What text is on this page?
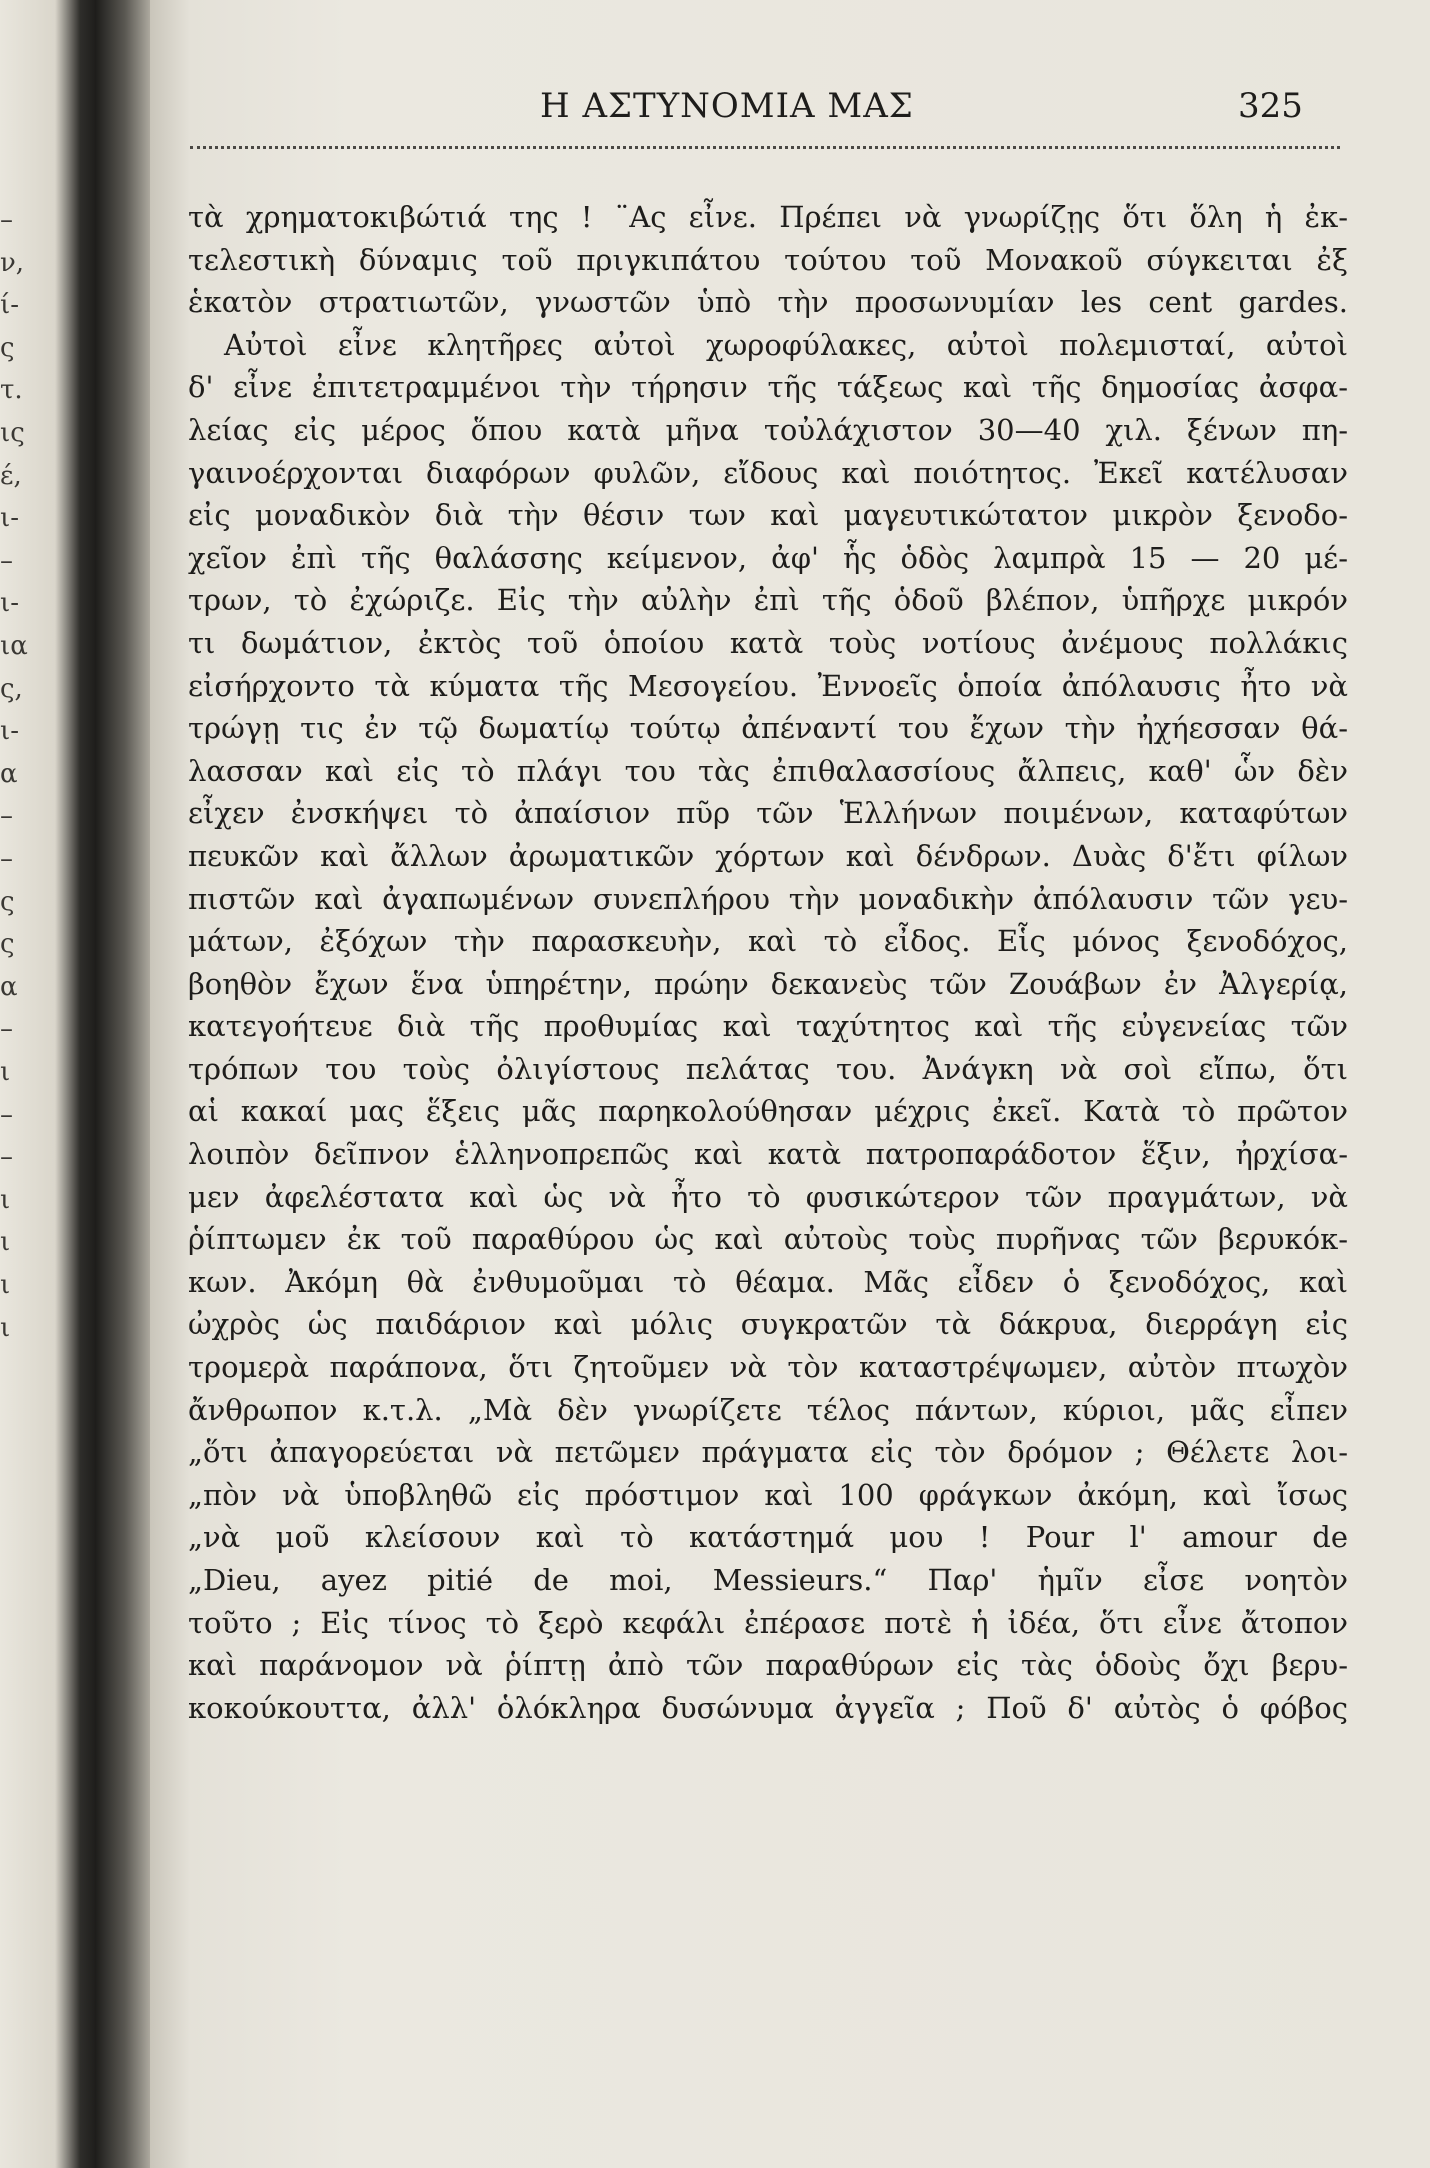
–
ν,
ί-
ς
τ.
ις
έ,
ι-
–
ι-
ια
ς,
ι-
α
–
–
ς
ς
α
–
ι
–
–
ι
ι
ι
ι
Η ΑΣΤΥΝΟΜΙΑ ΜΑΣ	325
τὰ χρηματοκιβώτιά της ! ¨Ας εἶνε. Πρέπει νὰ γνωρίζῃς ὅτι ὅλη ἡ ἐκ-
τελεστικὴ δύναμις τοῦ πριγκιπάτου τούτου τοῦ Μονακοῦ σύγκειται ἐξ
ἑκατὸν στρατιωτῶν, γνωστῶν ὑπὸ τὴν προσωνυμίαν les cent gardes.
Αὐτοὶ εἶνε κλητῆρες αὐτοὶ χωροφύλακες, αὐτοὶ πολεμισταί, αὐτοὶ
δ' εἶνε ἐπιτετραμμένοι τὴν τήρησιν τῆς τάξεως καὶ τῆς δημοσίας ἀσφα-
λείας εἰς μέρος ὅπου κατὰ μῆνα τοὐλάχιστον 30—40 χιλ. ξένων πη-
γαινοέρχονται διαφόρων φυλῶν, εἴδους καὶ ποιότητος. Ἐκεῖ κατέλυσαν
εἰς μοναδικὸν διὰ τὴν θέσιν των καὶ μαγευτικώτατον μικρὸν ξενοδο-
χεῖον ἐπὶ τῆς θαλάσσης κείμενον, ἀφ' ἧς ὁδὸς λαμπρὰ 15 — 20 μέ-
τρων, τὸ ἐχώριζε. Εἰς τὴν αὐλὴν ἐπὶ τῆς ὁδοῦ βλέπον, ὑπῆρχε μικρόν
τι δωμάτιον, ἐκτὸς τοῦ ὁποίου κατὰ τοὺς νοτίους ἀνέμους πολλάκις
εἰσήρχοντο τὰ κύματα τῆς Μεσογείου. Ἐννοεῖς ὁποία ἀπόλαυσις ἦτο νὰ
τρώγῃ τις ἐν τῷ δωματίῳ τούτῳ ἀπέναντί του ἔχων τὴν ἠχήεσσαν θά-
λασσαν καὶ εἰς τὸ πλάγι του τὰς ἐπιθαλασσίους ἄλπεις, καθ' ὧν δὲν
εἶχεν ἐνσκήψει τὸ ἀπαίσιον πῦρ τῶν Ἑλλήνων ποιμένων, καταφύτων
πευκῶν καὶ ἄλλων ἀρωματικῶν χόρτων καὶ δένδρων. Δυὰς δ'ἔτι φίλων
πιστῶν καὶ ἀγαπωμένων συνεπλήρου τὴν μοναδικὴν ἀπόλαυσιν τῶν γευ-
μάτων, ἐξόχων τὴν παρασκευὴν, καὶ τὸ εἶδος. Εἷς μόνος ξενοδόχος,
βοηθὸν ἔχων ἕνα ὑπηρέτην, πρώην δεκανεὺς τῶν Ζουάβων ἐν Ἀλγερίᾳ,
κατεγοήτευε διὰ τῆς προθυμίας καὶ ταχύτητος καὶ τῆς εὐγενείας τῶν
τρόπων του τοὺς ὀλιγίστους πελάτας του. Ἀνάγκη νὰ σοὶ εἴπω, ὅτι
αἱ κακαί μας ἕξεις μᾶς παρηκολούθησαν μέχρις ἐκεῖ. Κατὰ τὸ πρῶτον
λοιπὸν δεῖπνον ἑλληνοπρεπῶς καὶ κατὰ πατροπαράδοτον ἕξιν, ἠρχίσα-
μεν ἀφελέστατα καὶ ὡς νὰ ἦτο τὸ φυσικώτερον τῶν πραγμάτων, νὰ
ῥίπτωμεν ἐκ τοῦ παραθύρου ὡς καὶ αὐτοὺς τοὺς πυρῆνας τῶν βερυκόκ-
κων. Ἀκόμη θὰ ἐνθυμοῦμαι τὸ θέαμα. Μᾶς εἶδεν ὁ ξενοδόχος, καὶ
ὠχρὸς ὡς παιδάριον καὶ μόλις συγκρατῶν τὰ δάκρυα, διερράγη εἰς
τρομερὰ παράπονα, ὅτι ζητοῦμεν νὰ τὸν καταστρέψωμεν, αὐτὸν πτωχὸν
ἄνθρωπον κ.τ.λ. „Μὰ δὲν γνωρίζετε τέλος πάντων, κύριοι, μᾶς εἶπεν
„ὅτι ἀπαγορεύεται νὰ πετῶμεν πράγματα εἰς τὸν δρόμον ; Θέλετε λοι-
„πὸν νὰ ὑποβληθῶ εἰς πρόστιμον καὶ 100 φράγκων ἀκόμη, καὶ ἴσως
„νὰ μοῦ κλείσουν καὶ τὸ κατάστημά μου ! Pour l' amour de
„Dieu, ayez pitié de moi, Messieurs.“ Παρ' ἡμῖν εἶσε νοητὸν
τοῦτο ; Εἰς τίνος τὸ ξερὸ κεφάλι ἐπέρασε ποτὲ ἡ ἰδέα, ὅτι εἶνε ἄτοπον
καὶ παράνομον νὰ ῥίπτῃ ἀπὸ τῶν παραθύρων εἰς τὰς ὁδοὺς ὄχι βερυ-
κοκούκουττα, ἀλλ' ὁλόκληρα δυσώνυμα ἀγγεῖα ; Ποῦ δ' αὐτὸς ὁ φόβος
